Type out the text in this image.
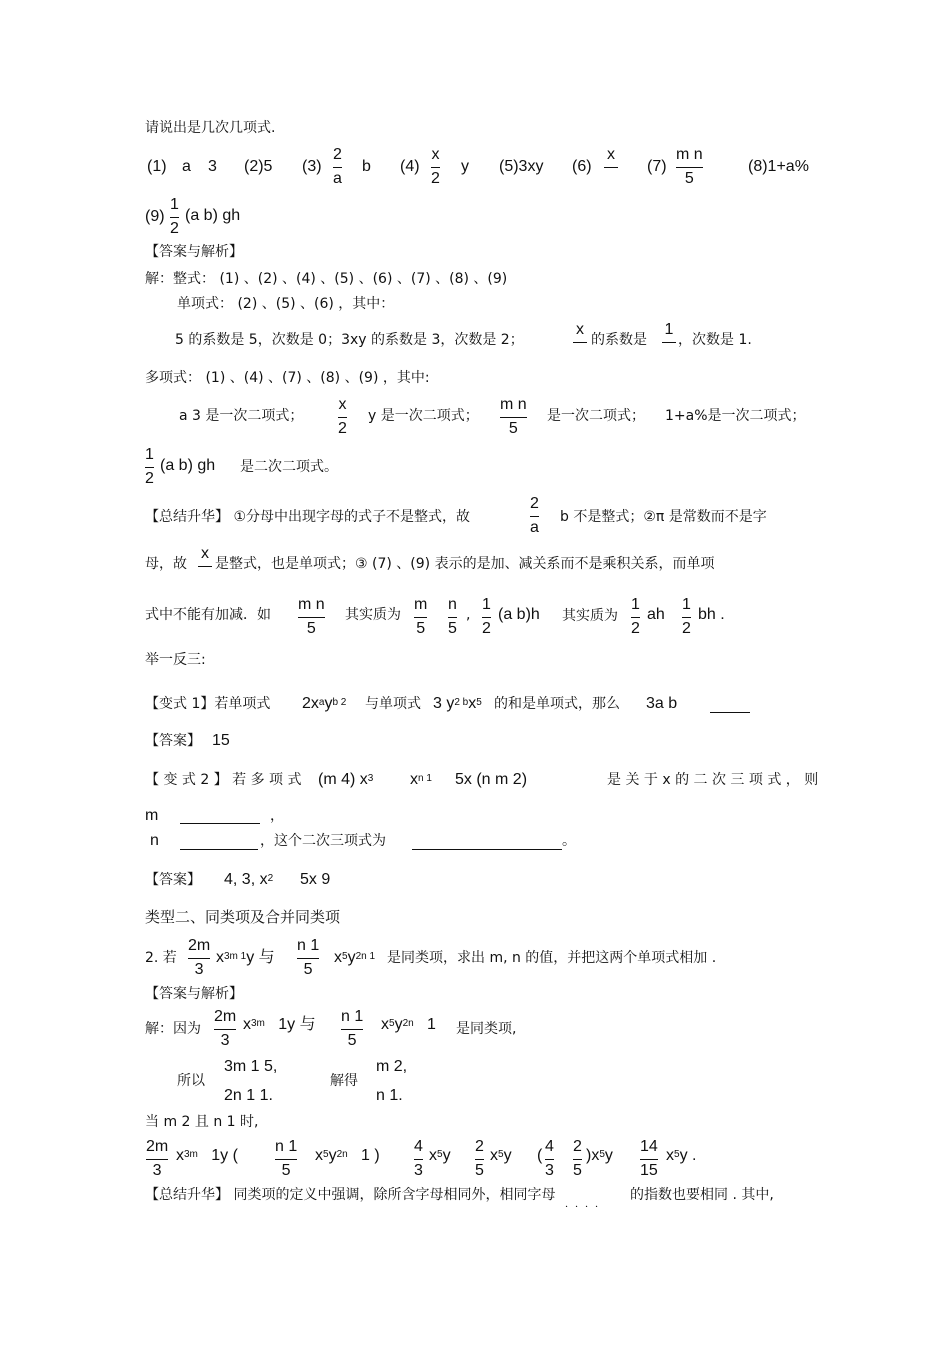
请说出是几次几项式.
(1) a 3 (2)5 (3)
2
a
b (4)
x
2
y (5)3xy (6)
x
(7)
m n
5
(8)1+a%
(9)
1
2
(a b) gh
【答案与解析】
解：整式： (1) 、(2) 、(4) 、(5) 、(6) 、(7) 、(8) 、(9)
单项式： (2) 、(5) 、(6) ，其中：
5 的系数是 5，次数是 0；3xy 的系数是 3，次数是 2；
x
的系数是
1
，次数是 1.
多项式： (1) 、(4) 、(7) 、(8) 、(9) ，其中:
a 3 是一次二项式；
x
2
y 是一次二项式；
m n
5
是一次二项式； 1+a%是一次二项式；
1
2
(a b) gh 是二次二项式。
【总结升华】 ①分母中出现字母的式子不是整式，故
2
a
b 不是整式；②π 是常数而不是字
母，故
x
是整式，也是单项式；③ (7) 、(9) 表示的是加、减关系而不是乘积关系，而单项
式中不能有加减．如
m n
5
其实质为
m
5
n
5
,
1
2
(a b)h 其实质为
1
2
ah
1
2
bh .
举一反三:
【变式 1】若单项式 $2x^ay^{b 2}$ 与单项式 3 $y^{2 b}x^5$ 的和是单项式，那么 3a b
【答案】 15
【 变 式 2 】 若 多 项 式 (m 4) $x^3$ $x^{n 1}$ 5x (n m 2)	是 关 于 x 的 二 次 三 项 式 ， 则
m	，
n	，这个二次三项式为	。
【答案】 4, 3, $x^2$ 5x 9
类型二、同类项及合并同类项
2. 若
2m
3
$x^{3m 1}y$ 与
n 1
5
$x^5y^{2n 1}$ 是同类项，求出 m, n 的值，并把这两个单项式相加 .
【答案与解析】
解：因为
2m
3
$x^{3m}$ 1y 与 n 1
5
$x^5y^{2n}$ 1 是同类项,
所以
3m 1 5,
2n 1 1.
解得
m 2,
n 1.
当 m 2 且 n 1 时,
2m
3
$x^{3m}$ 1y (
n 1
5
$x^5y^{2n}$ 1 )
4
3
$x^5y$
2
5
$x^5y$ (
4
3
2
5
)$x^5y$
14
15
$x^5y$ .
【总结升华】 同类项的定义中强调，除所含字母相同外，相同字母
．．．．
的指数也要相同 . 其中,
